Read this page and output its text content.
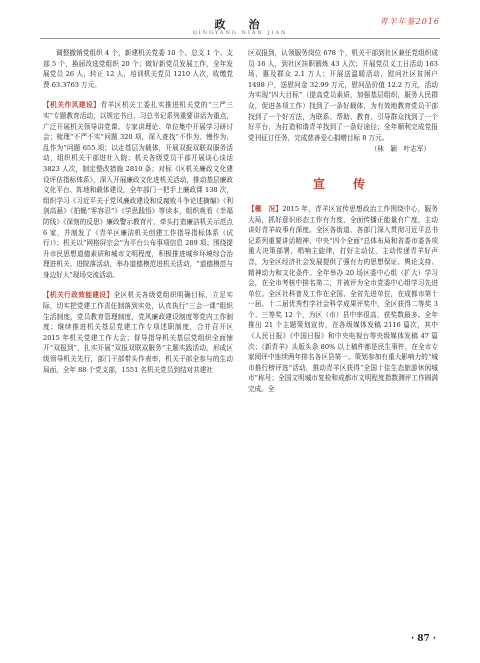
政　治	青羊年鉴2016
QINGYANG NIAN JIAN

调整撤销党组织 4 个，新建机关党委 10 个、总支 1 个、支部 5 个，换届改选党组织 20 个；做好新党员发展工作，全年发展党员 26 人，转正 12 人，培训机关党员 1210 人次，收缴党费 63.3763 万元。

【机关作风建设】青羊区机关工委扎实推进机关党的“三严三实”专题教育活动，以规定书目、习总书记系列重要讲话为重点，广泛开展机关领导讲党课、专家讲理论、单位集中开展学习研讨会；梳理“不严不实”问题 320 项，深入查找“不作为、慢作为、乱作为”问题 655 项；以走基层为载体，开展双报双联双服务活动，组织机关干部进社入院；机关各级党员干部开展谈心谈话 3823 人次，制定整改措施 2810 条；对标《区机关廉政文化建设评估指标体系》，深入开展廉政文化进机关活动，推动基层廉政文化平台、阵地和载体建设，全年部门一把手上廉政课 138 次，组织学习《习近平关于党风廉政建设和反腐败斗争论述摘编》《利剑高悬》《拍蝇“零容忍”》《学思践悟》等读本，组织观看《幸福防线》《深刻的反思》廉政警示教育片，牵头打造廉洁机关示范点 6 家，并制发了《青羊区廉洁机关创建工作指导指标体系（试行）》；机关以“网格屏宗会”为平台公布事项信息 289 项；围绕提升市民思想道德素质和城市文明程度，积极推进城乡环境综合治理进机关、进院落活动，举办道德模范进机关活动，“道德模范与身边好人”现场交流活动。

【机关行政效能建设】全区机关各级党组织明确目标，立足实际，切实把党建工作责任制落到实处，认真执行“三会一课”组织生活制度，党员教育管理制度，党风廉政建设制度等党内工作制度；继续推进机关基层党建工作专项述职制度，合并召开区 2015 年机关党建工作大会；督导指导机关基层党组织全面铺开“双报到”，扎实开展“双报双联双服务”主题实践活动，形成区级领导机关先行，部门干部带头作表率，机关干部全参与的生动局面，全年 88 个党支部，1551 名机关党员到结对共建社

区双报到，认领服务岗位 678 个，机关干部到社区兼任党组织成员 16 人，到社区挂职锻炼 43 人次；开展党员义工日活动 163 场，惠及群众 2.1 万人；开展送温暖活动，慰问社区贫困户 1498 户，送慰问金 32.99 万元，慰问品价值 12.2 万元，活动为实现“四大目标”（提高党员素质，加强基层组织，服务人民群众，促进各项工作）找到了一条好载体，为有效地教育党员干部找到了一个好方法，为联系、帮助、教育、引导群众找到了一个好平台，为打造和谐青羊找到了一条好途径；全年顺利完成党报党刊征订任务，完成慈善爱心捐赠目标 8 万元。

（林　颖　叶志军）
宣　传

【概　况】2015 年，青羊区宣传思想政治工作围绕中心，服务大局，抓好意识形态工作有力度，全面传播正能量有广度，主动讲好青羊故事有深度。全区各街道、各部门深入贯彻习近平总书记系列重要讲话精神、中央“四个全面”总体布局和省委市委各项重大决策部署，唱响主旋律，打好主动仗，主动传递青羊好声音，为全区经济社会发展提供了强有力的思想保证、舆论支持、精神动力和文化条件。全年举办 20 场区委中心组（扩大）学习会，在全市考核中排名第二，并被评为全市党委中心组学习先进单位。全区社科普及工作在全国、全省先进单位，在成都市第十一届、十二届优秀哲学社会科学成果评奖中，全区获得二等奖 3 个、三等奖 12 个，为区（市）县中率很高，获奖数最多。全年推出 21 个主题策划宣传，在各级媒体发稿 2116 篇次，其中《人民日报》《中国日报》和中央电视台等央级媒体发稿 47 篇次；《新青羊》头版头条 80% 以上稿件都是民生事件，在全市专家阅评中连续两年排名各区县第一。策划参加有重大影响力的“城市推行榜评选”活动，推动青羊区获得“全国十佳生态旅游休闲城市”称号；全国文明城市复检和成都市文明程度指数测评工作圆满完成。全

· 87 ·
